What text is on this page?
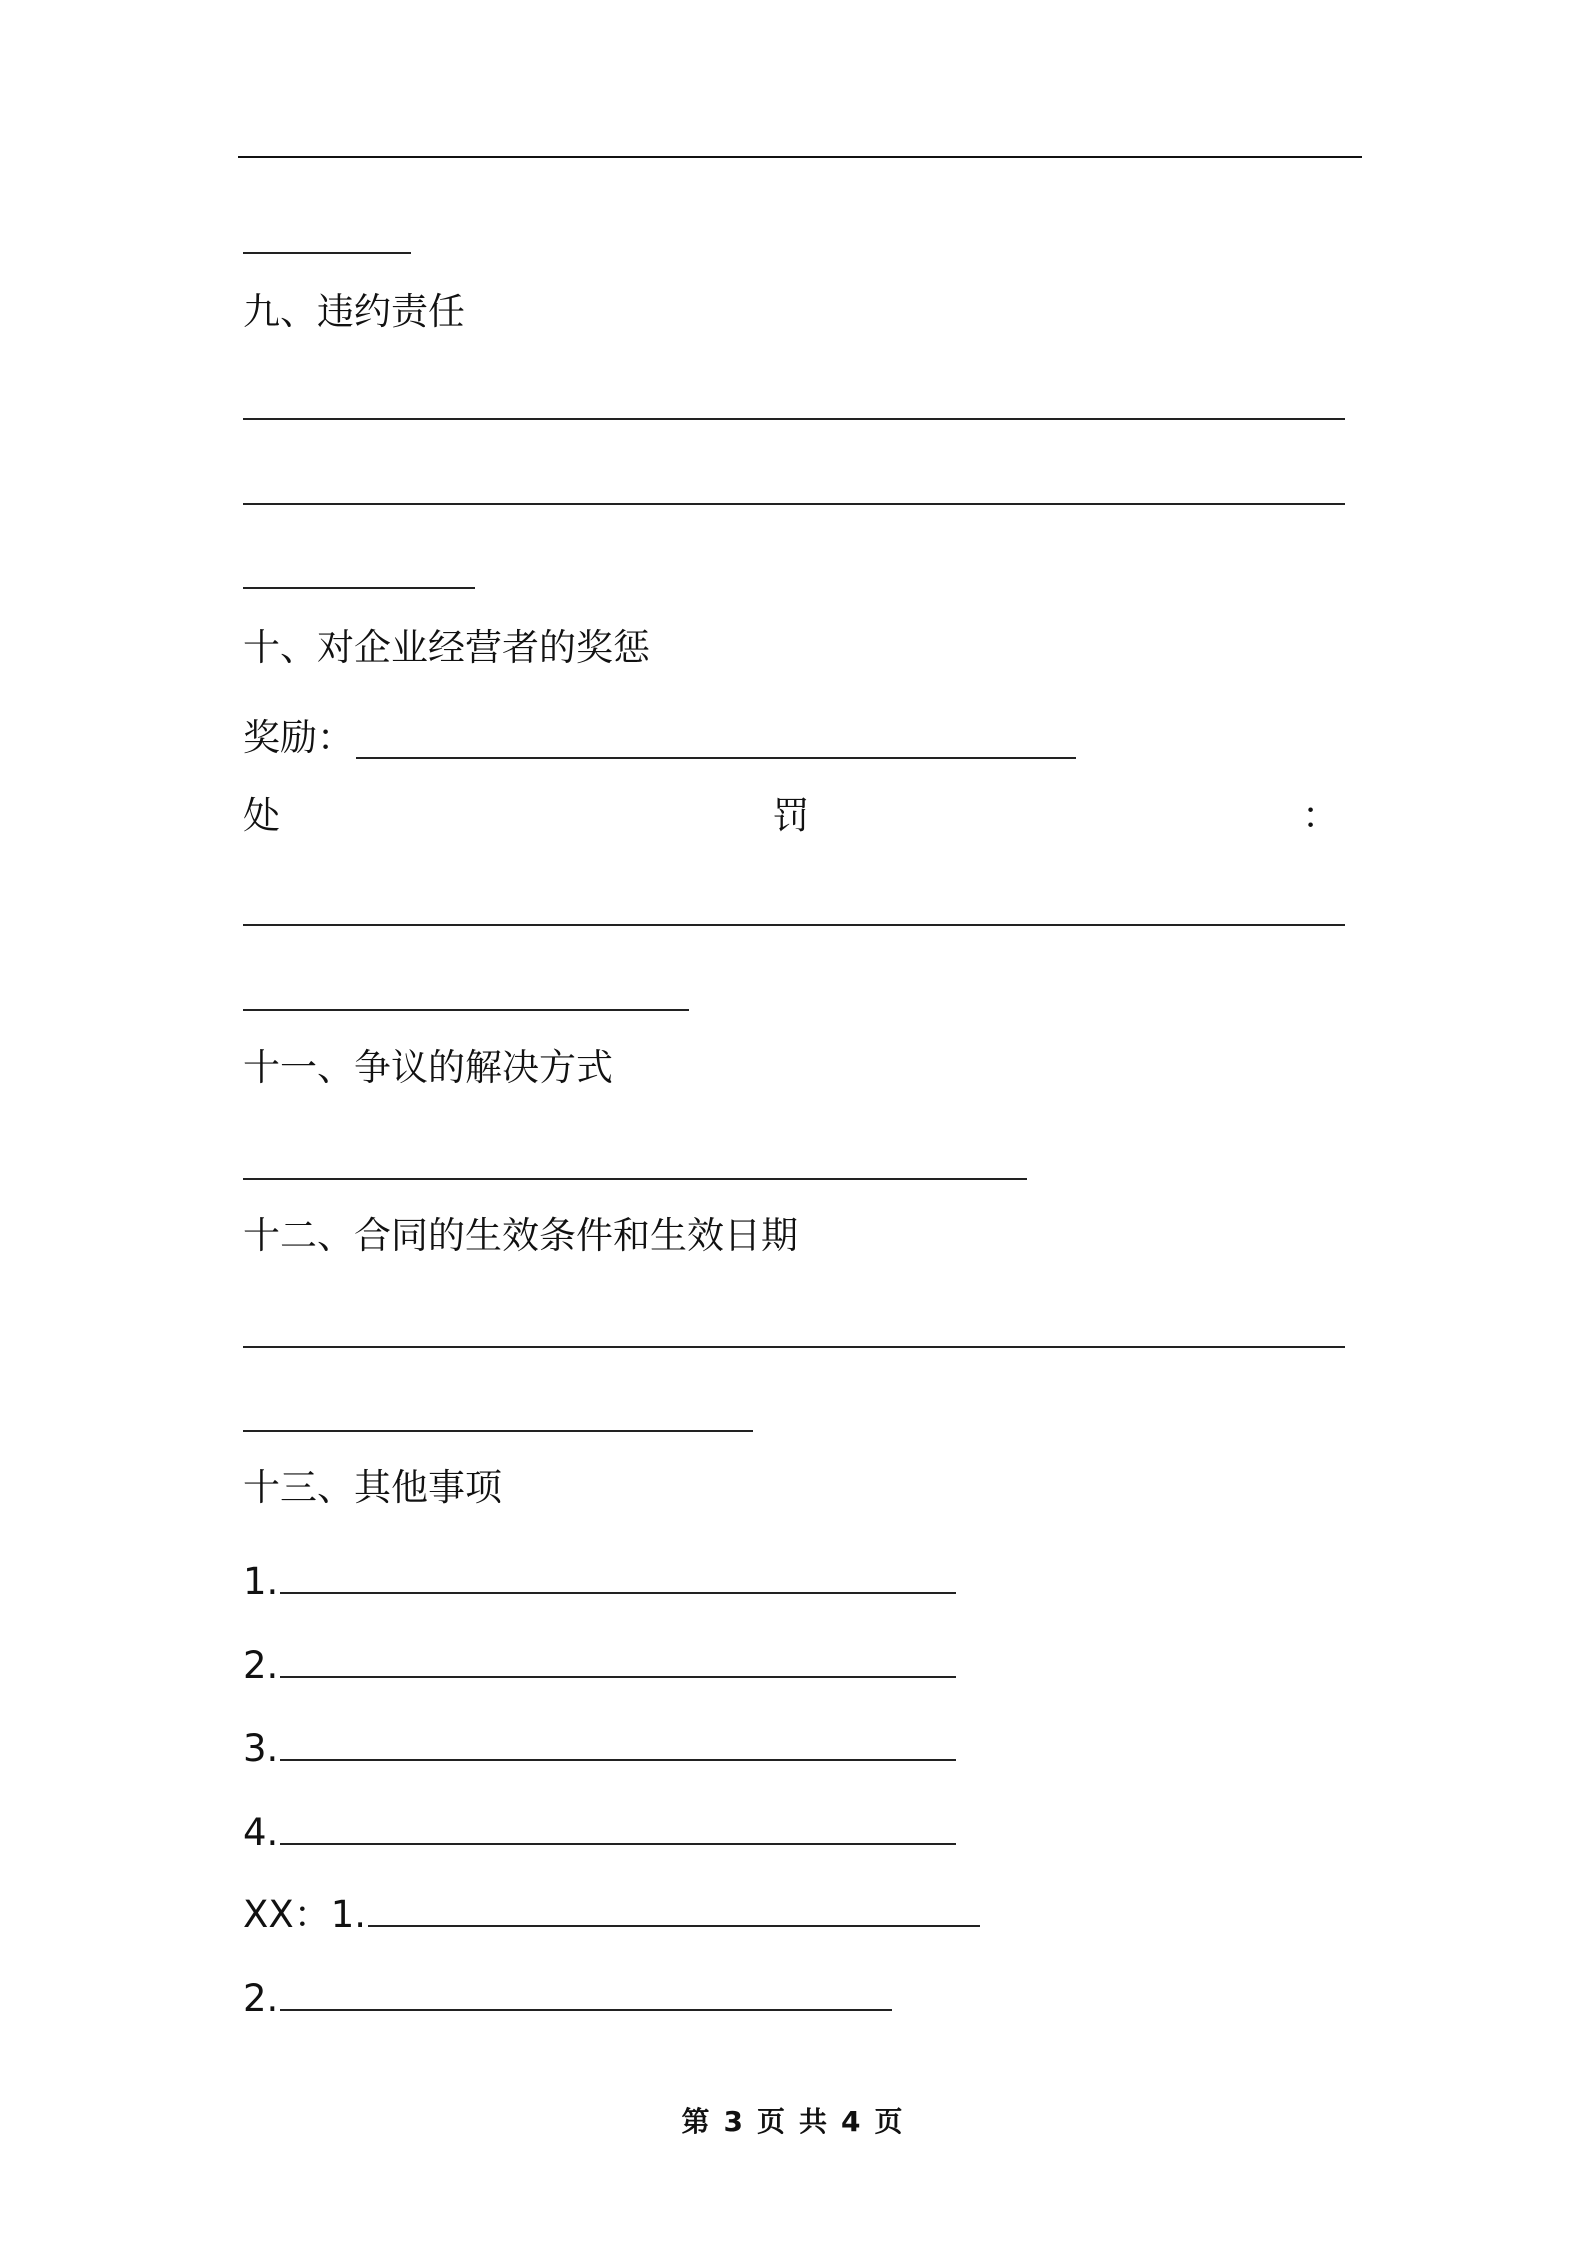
九、违约责任
十、对企业经营者的奖惩
奖励：
处	罚	：
十一、争议的解决方式
十二、合同的生效条件和生效日期
十三、其他事项
1.
2.
3.
4.
XX：1.
2.
第 3 页 共 4 页
